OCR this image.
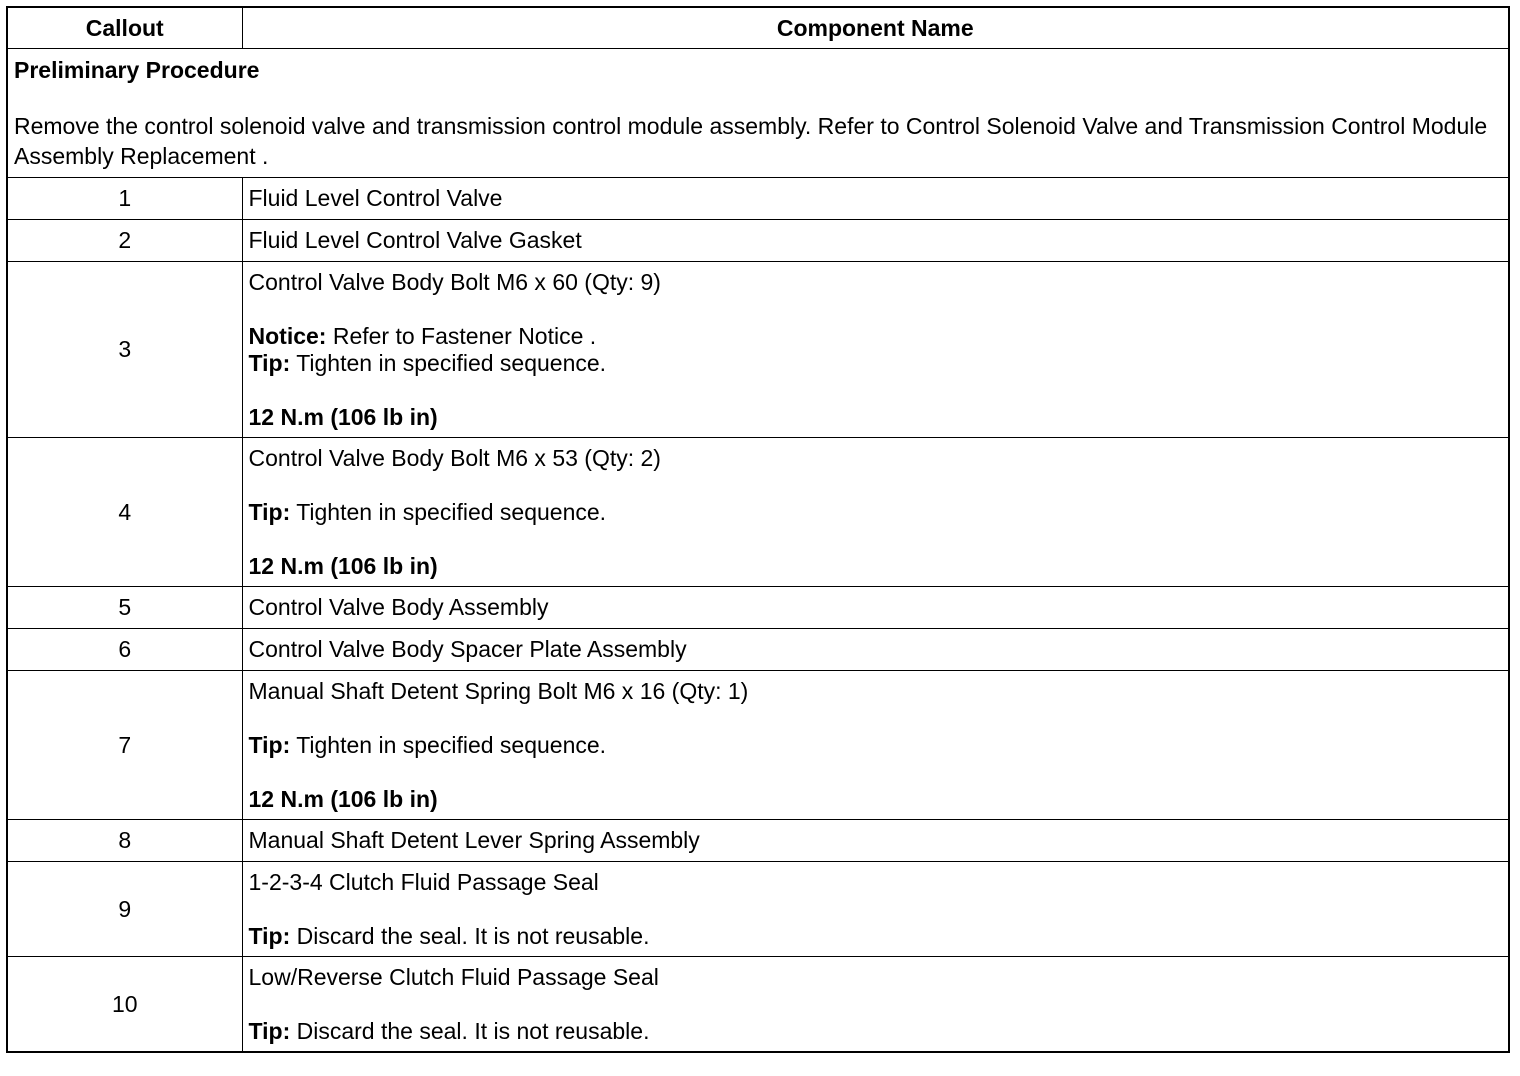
Callout	Component Name

Preliminary Procedure
Remove the control solenoid valve and transmission control module assembly. Refer to Control Solenoid Valve and Transmission Control Module Assembly Replacement .	

1	Fluid Level Control Valve
2	Fluid Level Control Valve Gasket
3	Control Valve Body Bolt M6 x 60 (Qty: 9)
Notice: Refer to Fastener Notice .
Tip: Tighten in specified sequence.
12 N.m (106 lb in)

4	Control Valve Body Bolt M6 x 53 (Qty: 2)
Tip: Tighten in specified sequence.
12 N.m (106 lb in)

5	Control Valve Body Assembly
6	Control Valve Body Spacer Plate Assembly
7	Manual Shaft Detent Spring Bolt M6 x 16 (Qty: 1)
Tip: Tighten in specified sequence.
12 N.m (106 lb in)

8	Manual Shaft Detent Lever Spring Assembly
9	1-2-3-4 Clutch Fluid Passage Seal
Tip: Discard the seal. It is not reusable.

10	Low/Reverse Clutch Fluid Passage Seal
Tip: Discard the seal. It is not reusable.
